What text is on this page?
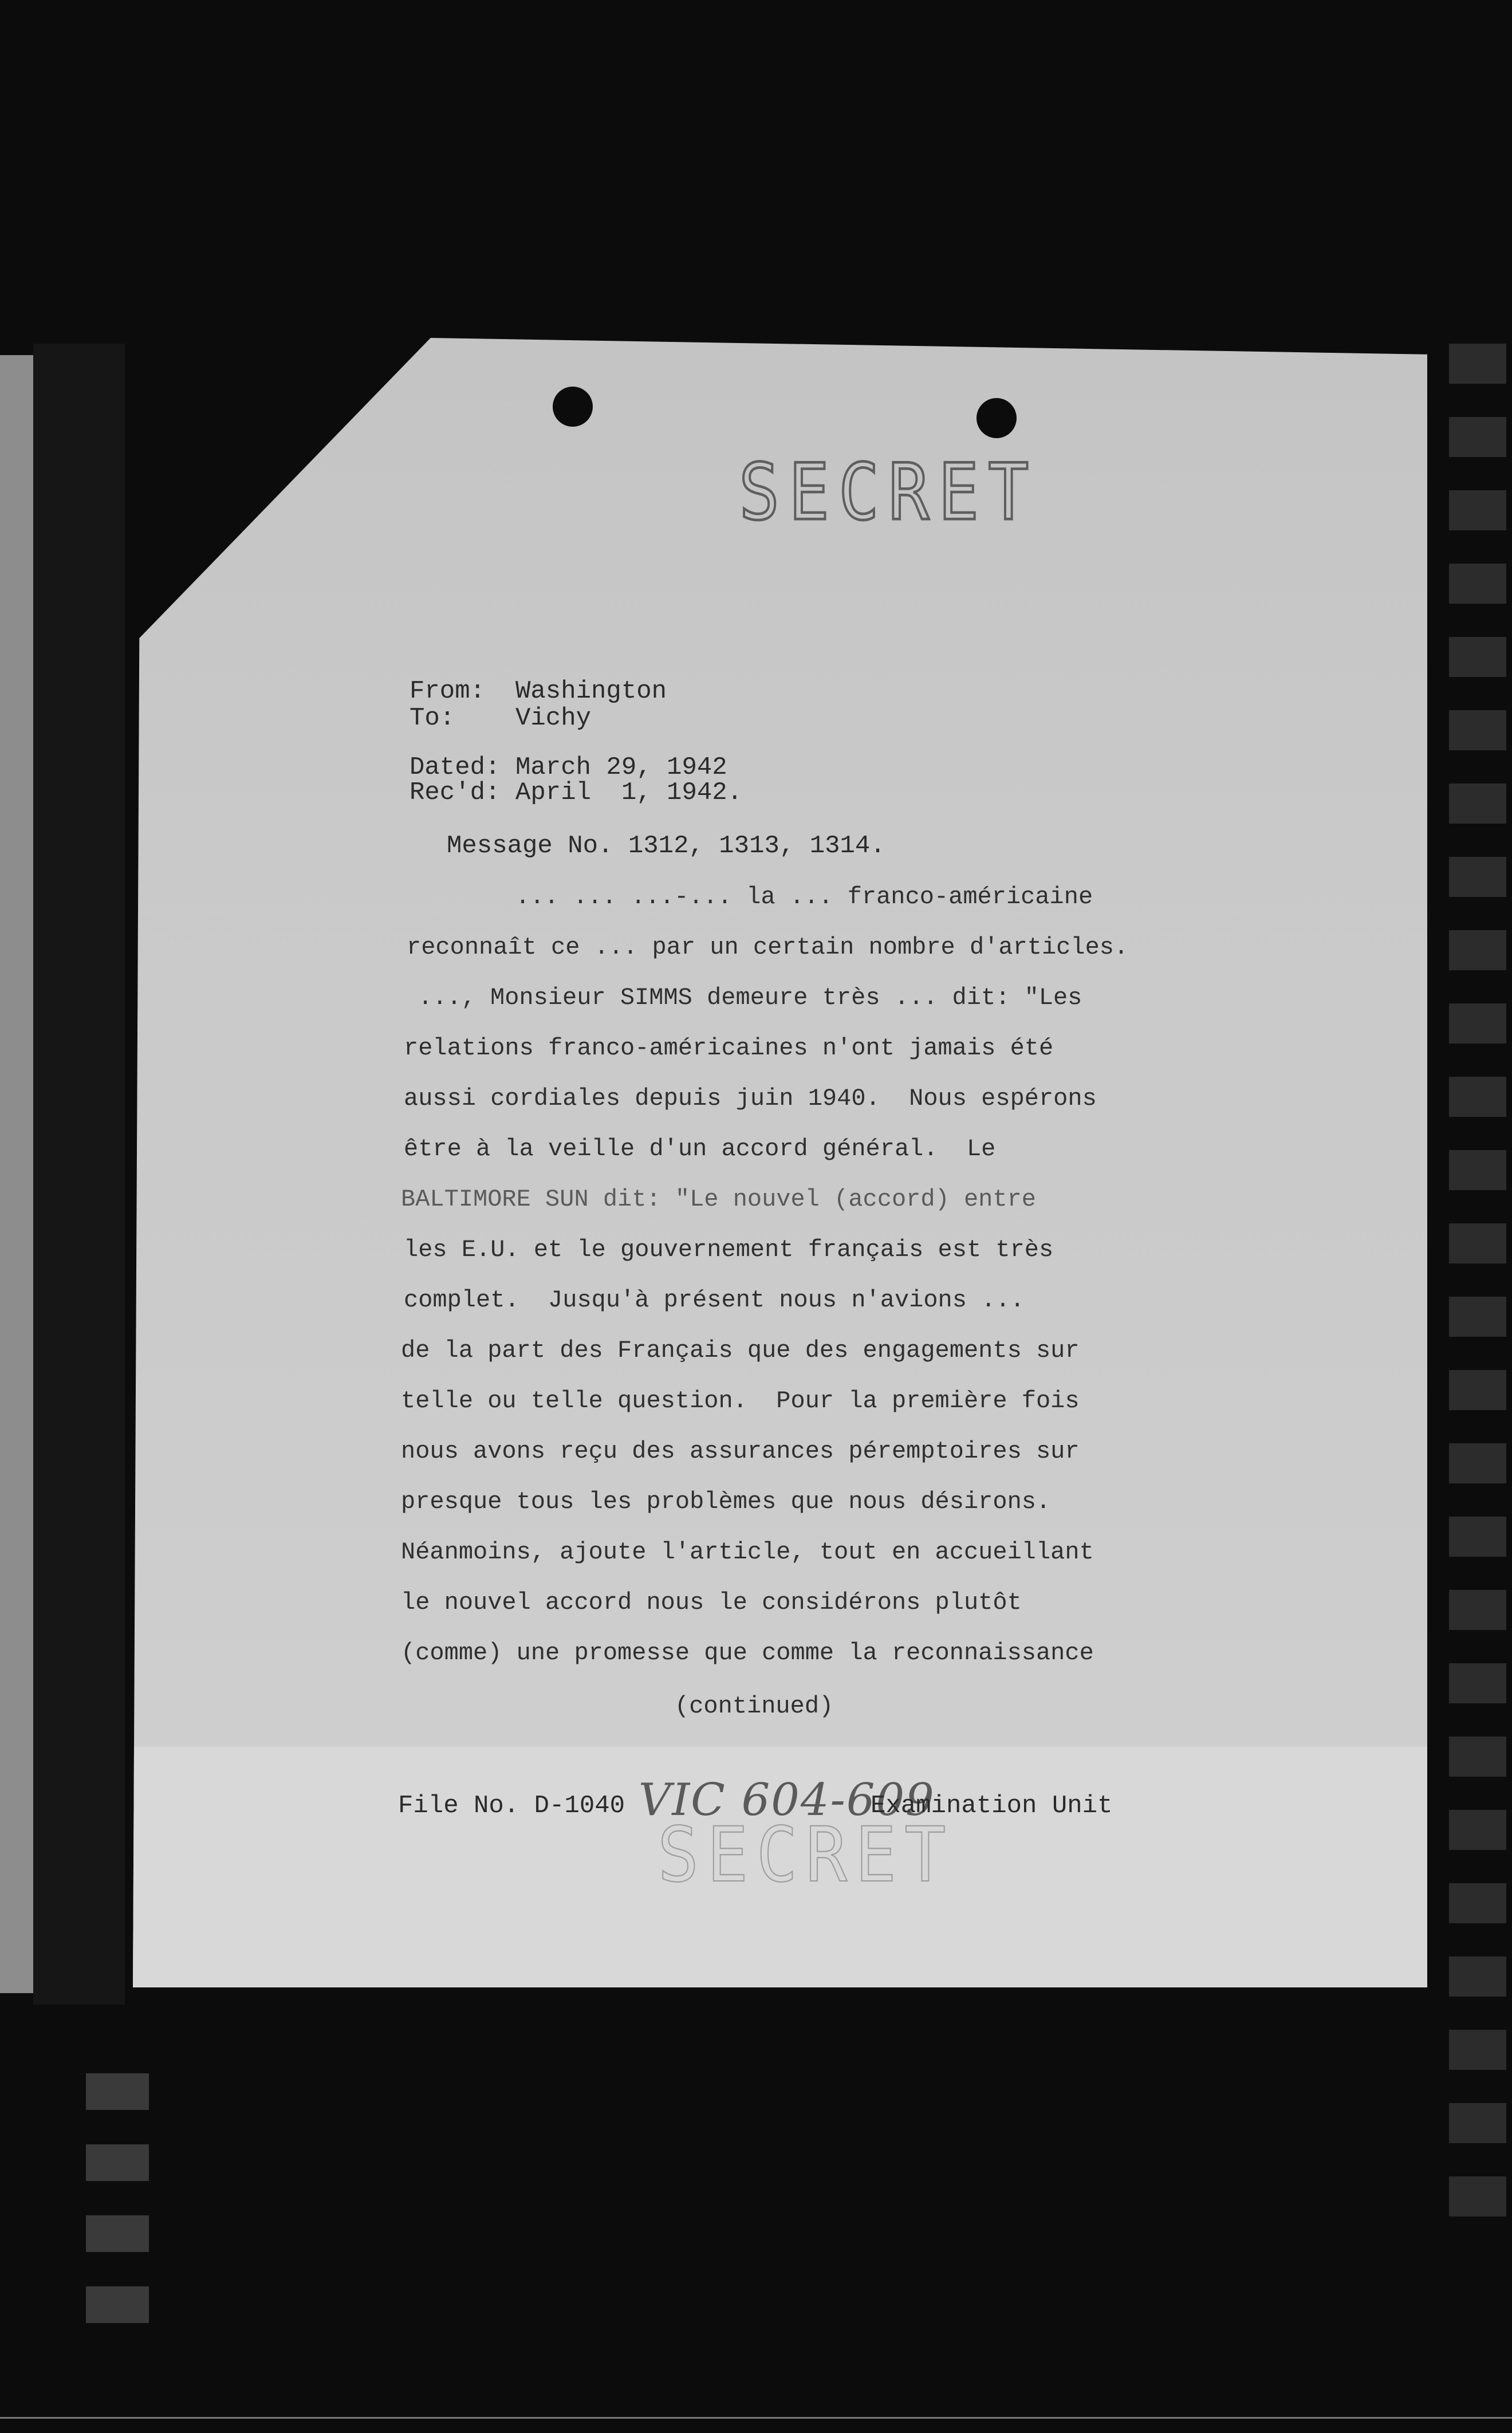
SECRET
From: Washington
To: Vichy
Dated: March 29, 1942
Rec'd: April  1, 1942.
Message No. 1312, 1313, 1314.
... ... ...-... la ... franco-américaine
reconnaît ce ... par un certain nombre d'articles.
..., Monsieur SIMMS demeure très ... dit: "Les
relations franco-américaines n'ont jamais été
aussi cordiales depuis juin 1940.  Nous espérons
être à la veille d'un accord général.  Le
BALTIMORE SUN dit: "Le nouvel (accord) entre
les E.U. et le gouvernement français est très
complet.  Jusqu'à présent nous n'avions ...
de la part des Français que des engagements sur
telle ou telle question.  Pour la première fois
nous avons reçu des assurances péremptoires sur
presque tous les problèmes que nous désirons.
Néanmoins, ajoute l'article, tout en accueillant
le nouvel accord nous le considérons plutôt
(comme) une promesse que comme la reconnaissance
(continued)
File No. D-1040 VIC 604-609
Examination Unit
SECRET
